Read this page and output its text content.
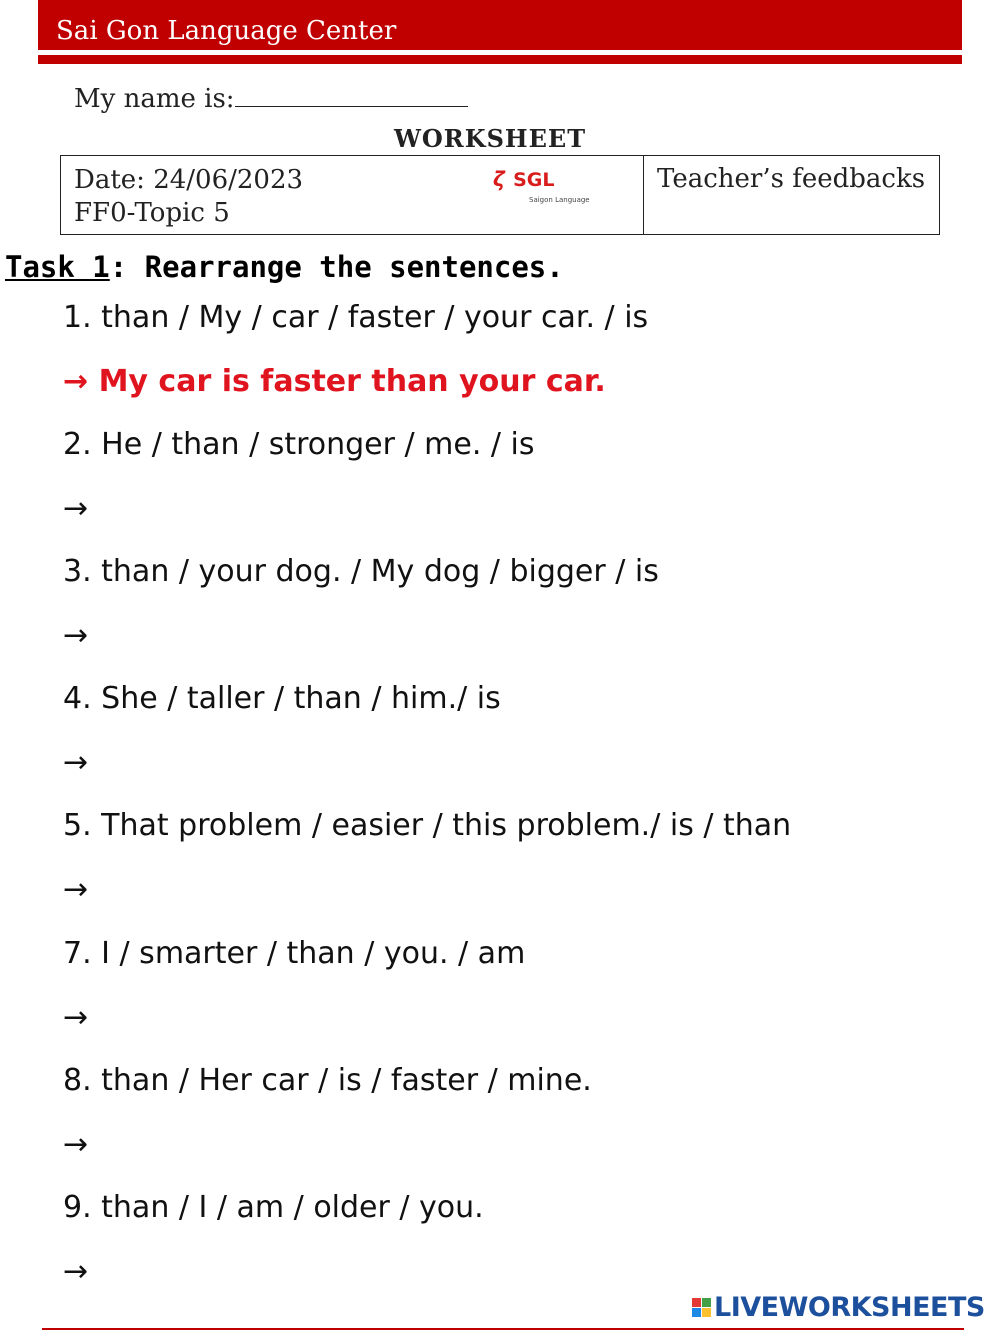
Sai Gon Language Center
My name is:
WORKSHEET
Date: 24/06/2023
FF0-Topic 5
ζ SGL
Saigon Language
Teacher’s feedbacks
Task 1: Rearrange the sentences.
1. than / My / car / faster / your car. / is
→ My car is faster than your car.
2. He / than / stronger / me. / is
→
3. than / your dog. / My dog / bigger / is
→
4. She / taller / than / him./ is
→
5. That problem / easier / this problem./ is / than
→
7. I / smarter / than / you. / am
→
8. than / Her car / is / faster / mine.
→
9. than / I / am / older / you.
→
LIVEWORKSHEETS
